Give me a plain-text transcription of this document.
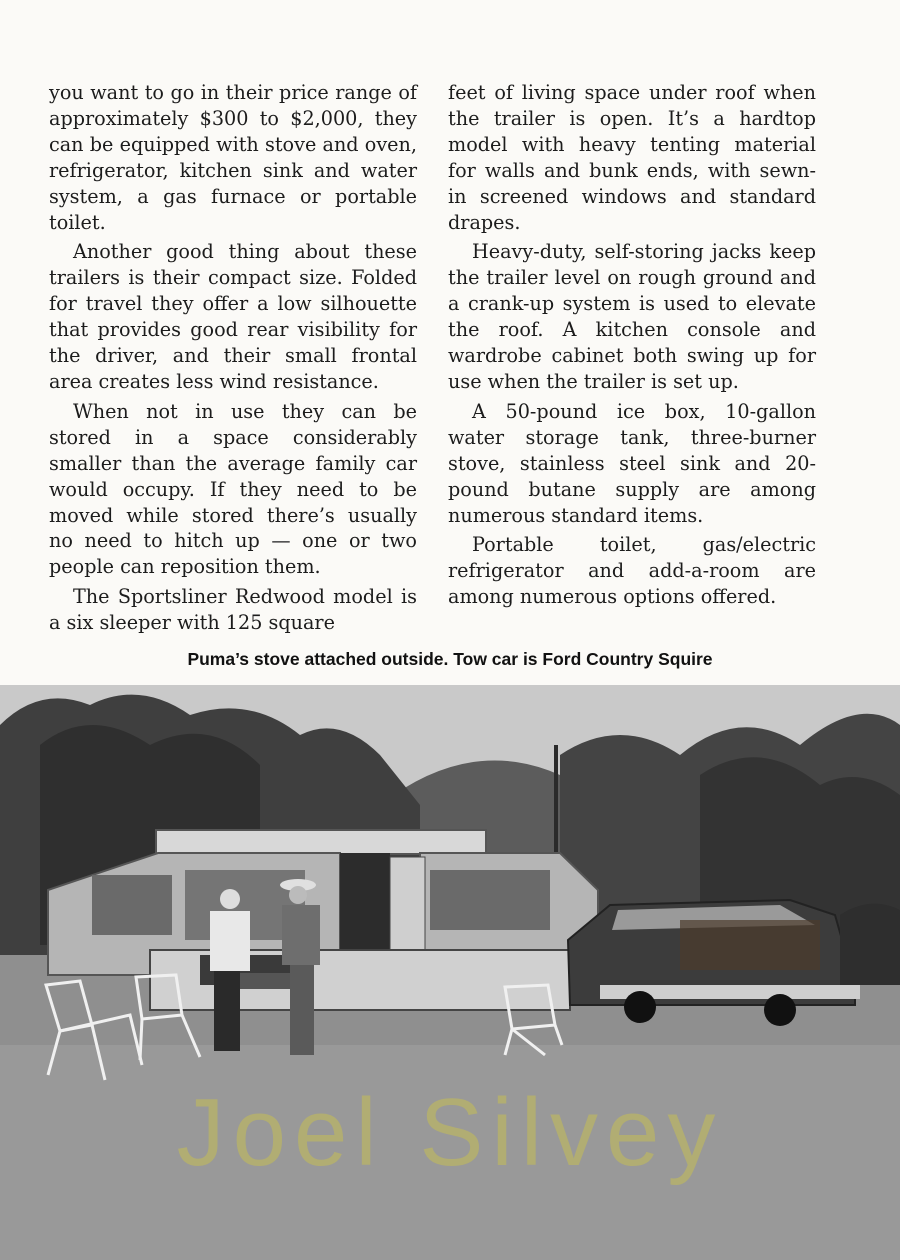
you want to go in their price range of approximately $300 to $2,000, they can be equipped with stove and oven, refrigerator, kitchen sink and water system, a gas furnace or portable toilet.

Another good thing about these trailers is their compact size. Folded for travel they offer a low silhouette that provides good rear visibility for the driver, and their small frontal area creates less wind resistance.

When not in use they can be stored in a space considerably smaller than the average family car would occupy. If they need to be moved while stored there’s usually no need to hitch up — one or two people can reposition them.

The Sportsliner Redwood model is a six sleeper with 125 square

feet of living space under roof when the trailer is open. It’s a hardtop model with heavy tenting material for walls and bunk ends, with sewn-in screened windows and standard drapes.

Heavy-duty, self-storing jacks keep the trailer level on rough ground and a crank-up system is used to elevate the roof. A kitchen console and wardrobe cabinet both swing up for use when the trailer is set up.

A 50-pound ice box, 10-gallon water storage tank, three-burner stove, stainless steel sink and 20-pound butane supply are among numerous standard items.

Portable toilet, gas/electric refrigerator and add-a-room are among numerous options offered.

Puma’s stove attached outside. Tow car is Ford Country Squire
Joel Silvey
